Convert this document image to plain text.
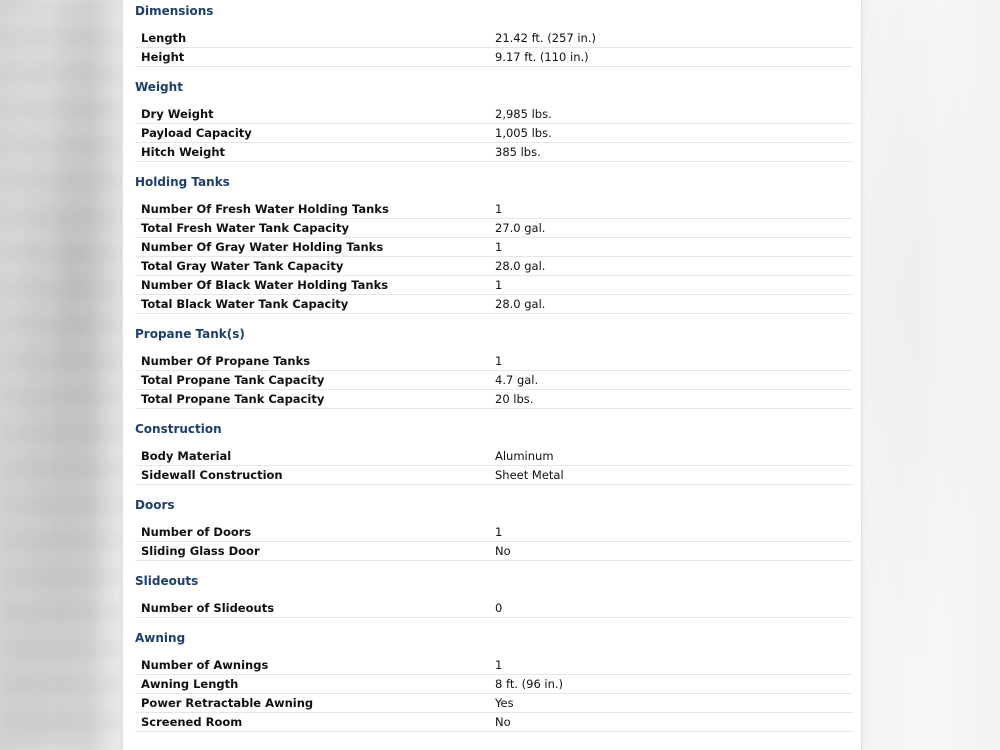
Dimensions
Length	21.42 ft. (257 in.)
Height	9.17 ft. (110 in.)
Weight
Dry Weight	2,985 lbs.
Payload Capacity	1,005 lbs.
Hitch Weight	385 lbs.
Holding Tanks
Number Of Fresh Water Holding Tanks	1
Total Fresh Water Tank Capacity	27.0 gal.
Number Of Gray Water Holding Tanks	1
Total Gray Water Tank Capacity	28.0 gal.
Number Of Black Water Holding Tanks	1
Total Black Water Tank Capacity	28.0 gal.
Propane Tank(s)
Number Of Propane Tanks	1
Total Propane Tank Capacity	4.7 gal.
Total Propane Tank Capacity	20 lbs.
Construction
Body Material	Aluminum
Sidewall Construction	Sheet Metal
Doors
Number of Doors	1
Sliding Glass Door	No
Slideouts
Number of Slideouts	0
Awning
Number of Awnings	1
Awning Length	8 ft. (96 in.)
Power Retractable Awning	Yes
Screened Room	No
